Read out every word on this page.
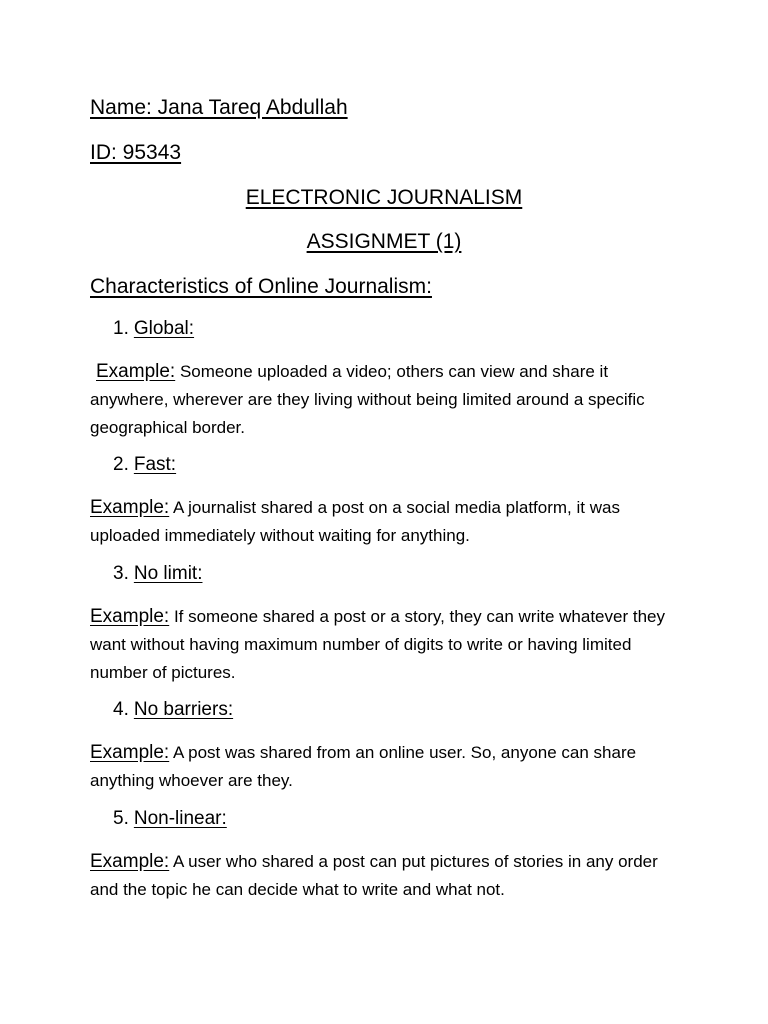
Name: Jana Tareq Abdullah
ID: 95343
ELECTRONIC JOURNALISM
ASSIGNMET (1)
Characteristics of Online Journalism:
1. Global:
Example: Someone uploaded a video; others can view and share it anywhere, wherever are they living without being limited around a specific geographical border.
2. Fast:
Example: A journalist shared a post on a social media platform, it was uploaded immediately without waiting for anything.
3. No limit:
Example: If someone shared a post or a story, they can write whatever they want without having maximum number of digits to write or having limited number of pictures.
4. No barriers:
Example: A post was shared from an online user. So, anyone can share anything whoever are they.
5. Non-linear:
Example: A user who shared a post can put pictures of stories in any order and the topic he can decide what to write and what not.
